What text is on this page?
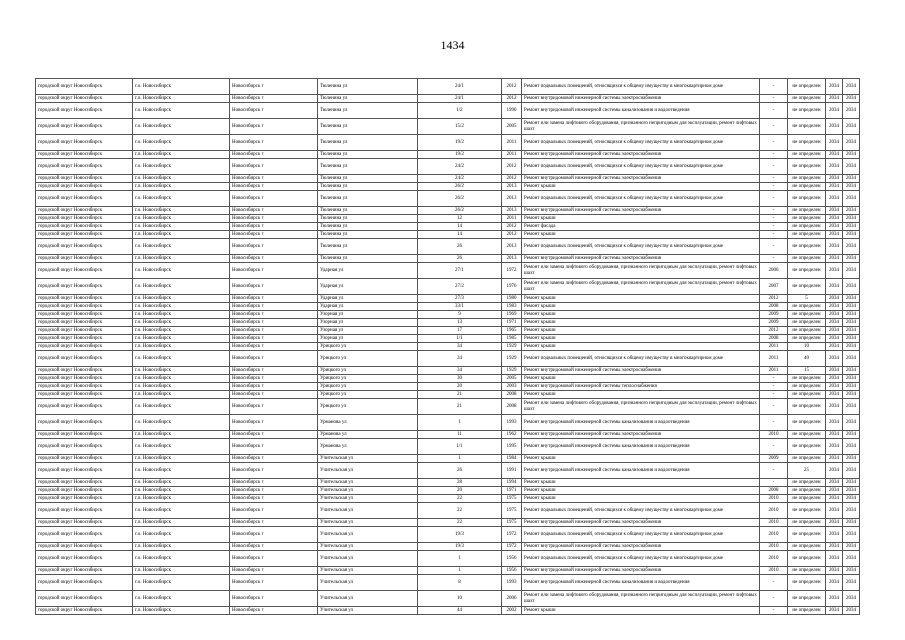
1434
городской округ Новосибирск	г.о. Новосибирск	Новосибирск г	Тюленина ул	24/1	2012	Ремонт подвальных помещений, относящихся к общему имуществу в многоквартирном доме	-	не определен	2034	2034
городской округ Новосибирск	г.о. Новосибирск	Новосибирск г	Тюленина ул	24/1	2012	Ремонт внутридомовой инженерной системы электроснабжения	-	не определен	2034	2034
городской округ Новосибирск	г.о. Новосибирск	Новосибирск г	Тюленина ул	1/2	1990	Ремонт внутридомовой инженерной системы канализования и водоотведения	-	не определен	2034	2034
городской округ Новосибирск	г.о. Новосибирск	Новосибирск г	Тюленина ул	15/2	2005	Ремонт или замена лифтового оборудования, признанного непригодным для эксплуатации, ремонт лифтовых шахт	-	не определен	2034	2034
городской округ Новосибирск	г.о. Новосибирск	Новосибирск г	Тюленина ул	19/2	2011	Ремонт подвальных помещений, относящихся к общему имуществу в многоквартирном доме	-	не определен	2034	2034
городской округ Новосибирск	г.о. Новосибирск	Новосибирск г	Тюленина ул	19/2	2011	Ремонт внутридомовой инженерной системы электроснабжения	-	не определен	2034	2034
городской округ Новосибирск	г.о. Новосибирск	Новосибирск г	Тюленина ул	24/2	2012	Ремонт подвальных помещений, относящихся к общему имуществу в многоквартирном доме	-	не определен	2034	2034
городской округ Новосибирск	г.о. Новосибирск	Новосибирск г	Тюленина ул	24/2	2012	Ремонт внутридомовой инженерной системы электроснабжения	-	не определен	2034	2034
городской округ Новосибирск	г.о. Новосибирск	Новосибирск г	Тюленина ул	26/2	2013	Ремонт крыши	-	не определен	2034	2034
городской округ Новосибирск	г.о. Новосибирск	Новосибирск г	Тюленина ул	26/2	2013	Ремонт подвальных помещений, относящихся к общему имуществу в многоквартирном доме	-	не определен	2034	2034
городской округ Новосибирск	г.о. Новосибирск	Новосибирск г	Тюленина ул	26/2	2013	Ремонт внутридомовой инженерной системы электроснабжения	-	не определен	2034	2034
городской округ Новосибирск	г.о. Новосибирск	Новосибирск г	Тюленина ул	12	2011	Ремонт крыши	-	не определен	2034	2034
городской округ Новосибирск	г.о. Новосибирск	Новосибирск г	Тюленина ул	14	2012	Ремонт фасада	-	не определен	2034	2034
городской округ Новосибирск	г.о. Новосибирск	Новосибирск г	Тюленина ул	14	2012	Ремонт крыши	-	не определен	2034	2034
городской округ Новосибирск	г.о. Новосибирск	Новосибирск г	Тюленина ул	26	2013	Ремонт подвальных помещений, относящихся к общему имуществу в многоквартирном доме	-	не определен	2034	2034
городской округ Новосибирск	г.о. Новосибирск	Новосибирск г	Тюленина ул	26	2013	Ремонт внутридомовой инженерной системы электроснабжения	-	не определен	2034	2034
городской округ Новосибирск	г.о. Новосибирск	Новосибирск г	Ударная ул	27/1	1972	Ремонт или замена лифтового оборудования, признанного непригодным для эксплуатации, ремонт лифтовых шахт	2006	не определен	2034	2034
городской округ Новосибирск	г.о. Новосибирск	Новосибирск г	Ударная ул	27/2	1976	Ремонт или замена лифтового оборудования, признанного непригодным для эксплуатации, ремонт лифтовых шахт	2007	не определен	2034	2034
городской округ Новосибирск	г.о. Новосибирск	Новосибирск г	Ударная ул	27/3	1980	Ремонт крыши	2012	5	2034	2034
городской округ Новосибирск	г.о. Новосибирск	Новосибирск г	Ударная ул	33/1	1983	Ремонт крыши	2008	не определен	2034	2034
городской округ Новосибирск	г.о. Новосибирск	Новосибирск г	Узорная ул	9	1969	Ремонт крыши	2009	не определен	2034	2034
городской округ Новосибирск	г.о. Новосибирск	Новосибирск г	Узорная ул	13	1971	Ремонт крыши	2009	не определен	2034	2034
городской округ Новосибирск	г.о. Новосибирск	Новосибирск г	Узорная ул	17	1965	Ремонт крыши	2012	не определен	2034	2034
городской округ Новосибирск	г.о. Новосибирск	Новосибирск г	Узорная ул	1/1	1985	Ремонт крыши	2008	не определен	2034	2034
городской округ Новосибирск	г.о. Новосибирск	Новосибирск г	Урицкого ул	34	1929	Ремонт крыши	2011	10	2034	2034
городской округ Новосибирск	г.о. Новосибирск	Новосибирск г	Урицкого ул	34	1929	Ремонт подвальных помещений, относящихся к общему имуществу в многоквартирном доме	2011	40	2034	2034
городской округ Новосибирск	г.о. Новосибирск	Новосибирск г	Урицкого ул	34	1929	Ремонт внутридомовой инженерной системы электроснабжения	2011	15	2034	2034
городской округ Новосибирск	г.о. Новосибирск	Новосибирск г	Урицкого ул	30	2005	Ремонт крыши	-	не определен	2034	2034
городской округ Новосибирск	г.о. Новосибирск	Новосибирск г	Урицкого ул	20	2003	Ремонт внутридомовой инженерной системы теплоснабжения	-	не определен	2034	2034
городской округ Новосибирск	г.о. Новосибирск	Новосибирск г	Урицкого ул	21	2008	Ремонт крыши	-	не определен	2034	2034
городской округ Новосибирск	г.о. Новосибирск	Новосибирск г	Урицкого ул	21	2008	Ремонт или замена лифтового оборудования, признанного непригодным для эксплуатации, ремонт лифтовых шахт	-	не определен	2034	2034
городской округ Новосибирск	г.о. Новосибирск	Новосибирск г	Урманова ул	1	1993	Ремонт внутридомовой инженерной системы канализования и водоотведения	-	не определен	2034	2034
городской округ Новосибирск	г.о. Новосибирск	Новосибирск г	Урманова ул	11	1962	Ремонт внутридомовой инженерной системы электроснабжения	2010	не определен	2034	2034
городской округ Новосибирск	г.о. Новосибирск	Новосибирск г	Урманова ул	1/1	1995	Ремонт внутридомовой инженерной системы канализования и водоотведения	-	не определен	2034	2034
городской округ Новосибирск	г.о. Новосибирск	Новосибирск г	Учительская ул	1	1984	Ремонт крыши	2009	не определен	2034	2034
городской округ Новосибирск	г.о. Новосибирск	Новосибирск г	Учительская ул	26	1991	Ремонт внутридомовой инженерной системы канализования и водоотведения	-	25	2034	2034
городской округ Новосибирск	г.о. Новосибирск	Новосибирск г	Учительская ул	28	1994	Ремонт крыши	-	не определен	2034	2034
городской округ Новосибирск	г.о. Новосибирск	Новосибирск г	Учительская ул	20	1971	Ремонт крыши	2008	не определен	2034	2034
городской округ Новосибирск	г.о. Новосибирск	Новосибирск г	Учительская ул	22	1975	Ремонт крыши	2010	не определен	2034	2034
городской округ Новосибирск	г.о. Новосибирск	Новосибирск г	Учительская ул	22	1975	Ремонт подвальных помещений, относящихся к общему имуществу в многоквартирном доме	2010	не определен	2034	2034
городской округ Новосибирск	г.о. Новосибирск	Новосибирск г	Учительская ул	22	1975	Ремонт внутридомовой инженерной системы электроснабжения	2010	не определен	2034	2034
городской округ Новосибирск	г.о. Новосибирск	Новосибирск г	Учительская ул	19/3	1972	Ремонт подвальных помещений, относящихся к общему имуществу в многоквартирном доме	2010	не определен	2034	2034
городской округ Новосибирск	г.о. Новосибирск	Новосибирск г	Учительская ул	19/3	1972	Ремонт внутридомовой инженерной системы электроснабжения	2010	не определен	2034	2034
городской округ Новосибирск	г.о. Новосибирск	Новосибирск г	Учительская ул	1	1956	Ремонт подвальных помещений, относящихся к общему имуществу в многоквартирном доме	2010	не определен	2034	2034
городской округ Новосибирск	г.о. Новосибирск	Новосибирск г	Учительская ул	1	1956	Ремонт внутридомовой инженерной системы электроснабжения	2010	не определен	2034	2034
городской округ Новосибирск	г.о. Новосибирск	Новосибирск г	Учительская ул	8	1993	Ремонт внутридомовой инженерной системы канализования и водоотведения	-	не определен	2034	2034
городской округ Новосибирск	г.о. Новосибирск	Новосибирск г	Учительская ул	10	2006	Ремонт или замена лифтового оборудования, признанного непригодным для эксплуатации, ремонт лифтовых шахт	-	не определен	2034	2034
городской округ Новосибирск	г.о. Новосибирск	Новосибирск г	Учительская ул	44	2002	Ремонт крыши	-	не определен	2034	2034
